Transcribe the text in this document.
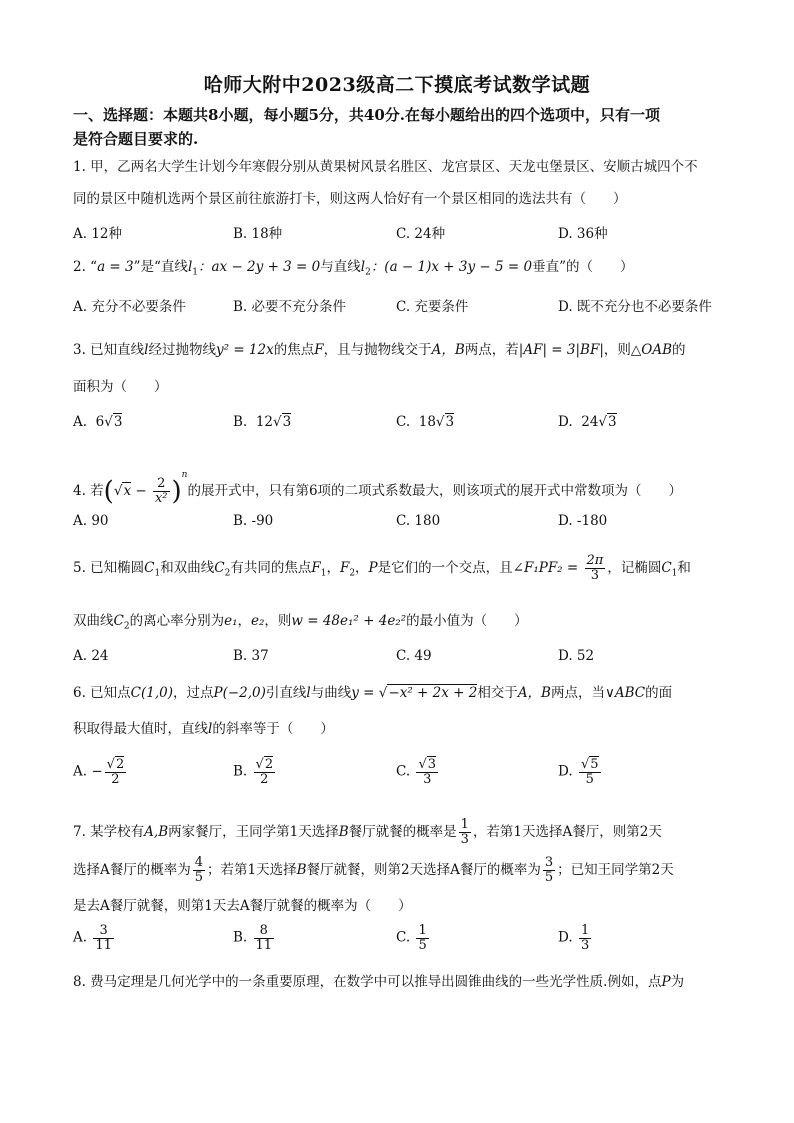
哈师大附中2023级高二下摸底考试数学试题
一、选择题：本题共8小题，每小题5分，共40分.在每小题给出的四个选项中，只有一项
是符合题目要求的.
1. 甲，乙两名大学生计划今年寒假分别从黄果树风景名胜区、龙宫景区、天龙屯堡景区、安顺古城四个不
同的景区中随机选两个景区前往旅游打卡，则这两人恰好有一个景区相同的选法共有（　　）
A. 12种	B. 18种	C. 24种	D. 36种
2. “a = 3”是“直线$l_1$：ax − 2y + 3 = 0与直线$l_2$：(a − 1)x + 3y − 5 = 0垂直”的（　　）
A. 充分不必要条件	B. 必要不充分条件	C. 充要条件	D. 既不充分也不必要条件
3. 已知直线l经过抛物线y² = 12x的焦点F，且与抛物线交于A，B两点，若|AF| = 3|BF|，则△OAB的
面积为（　　）
A. 6√3	B. 12√3	C. 18√3	D. 24√3
4. 若$(√x - \frac{2}{\text{x²}} )^n$的展开式中，只有第6项的二项式系数最大，则该项式的展开式中常数项为（　　）
A. 90	B. -90	C. 180	D. -180
5. 已知椭圆$C_1$和双曲线$C_2$有共同的焦点$F_1$，$F_2$，P是它们的一个交点，且∠F₁PF₂ = $\frac{2\pi}{3}$ ，记椭圆$C_1$和
双曲线$C_2$的离心率分别为e₁，e₂，则w = 48e₁² + 4e₂²的最小值为（　　）
A. 24	B. 37	C. 49	D. 52
6. 已知点C(1,0)，过点P(−2,0)引直线l与曲线y = √−x² + 2x + 2相交于A，B两点，当∨ABC的面
积取得最大值时，直线l的斜率等于（　　）
A. − $\frac{√2}{2}$	B. $\frac{√2}{2}$	C. $\frac{√3}{3}$	D. $\frac{√5}{5}$
7. 某学校有A,B两家餐厅，王同学第1天选择B餐厅就餐的概率是 $\frac{1}{3}$ ，若第1天选择A餐厅，则第2天
选择A餐厅的概率为 $\frac{4}{5}$ ；若第1天选择B餐厅就餐，则第2天选择A餐厅的概率为 $\frac{3}{5}$ ；已知王同学第2天
是去A餐厅就餐，则第1天去A餐厅就餐的概率为（　　）
A. $\frac{3}{11}$	B. $\frac{8}{11}$	C. $\frac{1}{5}$	D. $\frac{1}{3}$
8. 费马定理是几何光学中的一条重要原理，在数学中可以推导出圆锥曲线的一些光学性质.例如，点P为
